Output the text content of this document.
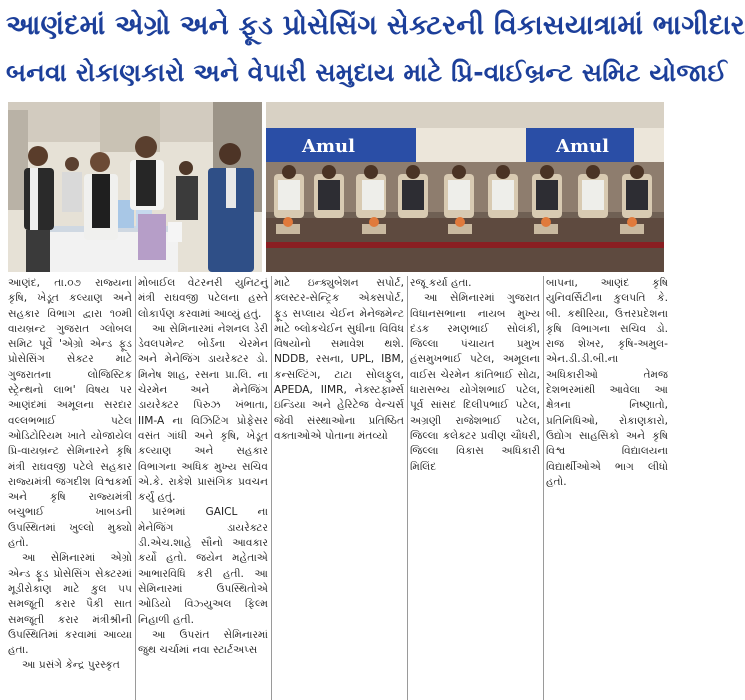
આણંદમાં એગ્રો અને ફૂડ પ્રોસેસિંગ સેક્ટરની વિકાસયાત્રામાં ભાગીદાર
બનવા રોકાણકારો અને વેપારી સમુદાય માટે પ્રિ-વાઈબ્રન્ટ સમિટ યોજાઈ
Amul	Amul

આણંદ, તા.૦૭ રાજ્યના કૃષિ, ખેડૂત કલ્યાણ અને સહકાર વિભાગ દ્વારા ૧૦મી વાયબ્રન્ટ ગુજરાત ગ્લોબલ સમિટ પૂર્વે 'એગ્રો એન્ડ ફૂડ પ્રોસેસિંગ સેક્ટર માટે ગુજરાતના લોજિસ્ટિક સ્ટ્રેન્થનો લાભ' વિષય પર આણંદમાં અમૂલના સરદાર વલ્લભભાઈ પટેલ ઓડિટોરિયમ ખાતે યોજાયેલ પ્રિ-વાયબ્રન્ટ સેમિનારને કૃષિ મંત્રી રાઘવજી પટેલે સહકાર રાજ્યમંત્રી જગદીશ વિશ્વકર્મા અને કૃષિ રાજ્યમંત્રી બચુભાઈ ખાબડની ઉપસ્થિતમાં ખુલ્લો મુક્યો હતો.

આ સેમિનારમાં એગ્રો એન્ડ ફૂડ પ્રોસેસિંગ સેક્ટરમાં મૂડીરોકાણ માટે કુલ ૫૫ સમજૂતી કરાર પૈકી સાત સમજૂતી કરાર મંત્રીશ્રીની ઉપસ્થિતિમાં કરવામાં આવ્યા હતા.

આ પ્રસંગે કેન્દ્ર પુરસ્કૃત

મોબાઈલ વેટરનરી યુનિટનું મંત્રી રાઘવજી પટેલના હસ્તે લોકાર્પણ કરવામાં આવ્યું હતું.

આ સેમિનારમાં નેશનલ ડેરી ડેવલપમેન્ટ બોર્ડના ચેરમેન અને મેનેજિંગ ડાયરેક્ટર ડો. મિનેષ શાહ, રસના પ્રા.લિ. ના ચેરમેન અને મેનેજિંગ ડાયરેક્ટર પિરુઝ ખંભાતા, IIM-A ના વિઝિટિંગ પ્રોફેસર વસંત ગાંધી અને કૃષિ, ખેડૂત કલ્યાણ અને સહકાર વિભાગના અધિક મુખ્ય સચિવ એ.કે. રાકેશે પ્રાસંગિક પ્રવચન કર્યું હતું.

પ્રારંભમાં GAICL ના મેનેજિંગ ડાયરેક્ટર ડી.એચ.શાહે સૌનો આવકાર કર્યો હતો. જયેન મહેતાએ આભારવિધિ કરી હતી. આ સેમિનારમાં ઉપસ્થિતોએ ઓડિયો વિઝ્યુઅલ ફિલ્મ નિહાળી હતી.

આ ઉપરાંત સેમિનારમાં જુથ ચર્ચામાં નવા સ્ટાર્ટઅપ્સ

માટે ઇન્ક્યુબેશન સપોર્ટ, ક્લસ્ટર-સેન્ટ્રિક એક્સપોર્ટ, ફૂડ સપ્લાય ચેઈન મેનેજમેન્ટ માટે બ્લોકચેઈન સુધીના વિવિધ વિષયોનો સમાવેશ થશે. NDDB, રસના, UPL, IBM, કન્સલ્ટિંગ, ટાટા સોલફુલ, APEDA, IIMR, નેક્સ્ટફાર્મ્સ ઇન્ડિયા અને હેરિટેજ વેન્ચર્સ જેવી સંસ્થાઓના પ્રતિષ્ઠિત વક્તાઓએ પોતાના મંતવ્યો

રજૂ કર્યા હતા.

આ સેમિનારમાં ગુજરાત વિધાનસભાના નાયબ મુખ્ય દંડક રમણભાઈ સોલંકી, જિલ્લા પંચાયત પ્રમુખ હંસમુખભાઈ પટેલ, અમૂલના વાઈસ ચેરમેન કાંતિભાઈ સોઢા, ધારાસભ્ય યોગેશભાઈ પટેલ, પૂર્વ સાંસદ દિલીપભાઈ પટેલ, અગ્રણી રાજેશભાઈ પટેલ, જિલ્લા કલેક્ટર પ્રવીણ ચૌધરી, જિલ્લા વિકાસ અધિકારી મિલિંદ

બાપના, આણંદ કૃષિ યુનિવર્સિટીના કુલપતિ કે. બી. કથીરિયા, ઉત્તરપ્રદેશના કૃષિ વિભાગના સચિવ ડો. રાજ શેખર, કૃષિ-અમુલ-એન.ડી.ડી.બી.ના અધિકારીઓ તેમજ દેશભરમાંથી આવેલા આ ક્ષેત્રના નિષ્ણાતો, પ્રતિનિધિઓ, રોકાણકારો, ઉદ્યોગ સાહસિકો અને કૃષિ વિશ્વ વિદ્યાલયના વિદ્યાર્થીઓએ ભાગ લીધો હતો.
